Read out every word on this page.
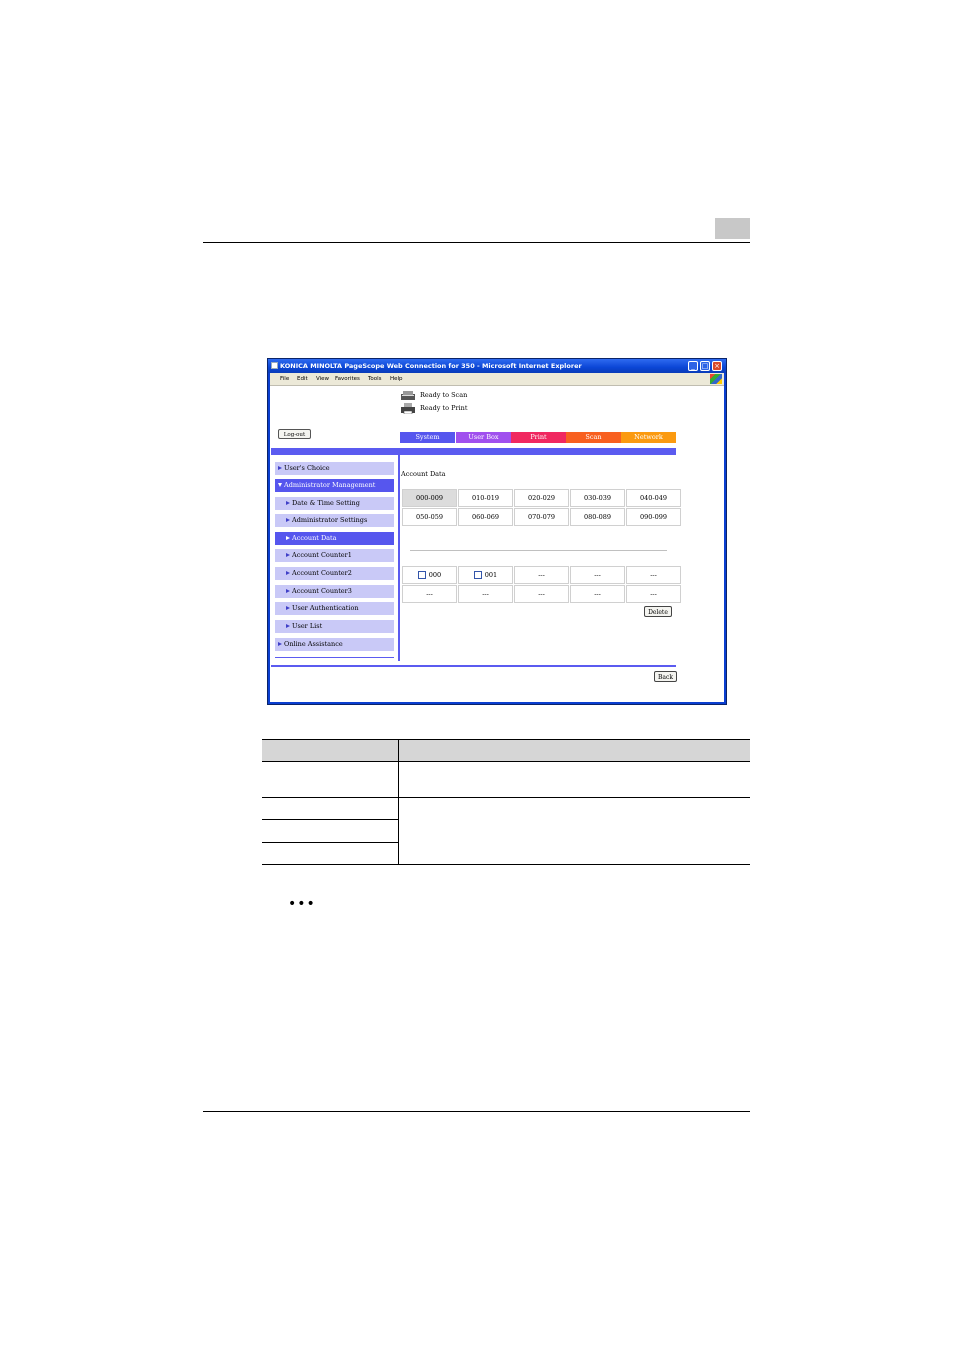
KONICA MINOLTA PageScope Web Connection for 350 - Microsoft Internet Explorer	_ □ ×
File Edit View Favorites Tools Help
Ready to Scan
Ready to Print
Log-out	System	User Box	Print	Scan	Network
User's Choice
Administrator Management
Date & Time Setting
Administrator Settings
Account Data
Account Counter1
Account Counter2
Account Counter3
User Authentication
User List
Online Assistance
Account Data
000-009	010-019	020-029	030-039	040-049
050-059	060-069	070-079	080-089	090-099
000	001	---	---	---
---	---	---	---	---
Delete
Back
•••
